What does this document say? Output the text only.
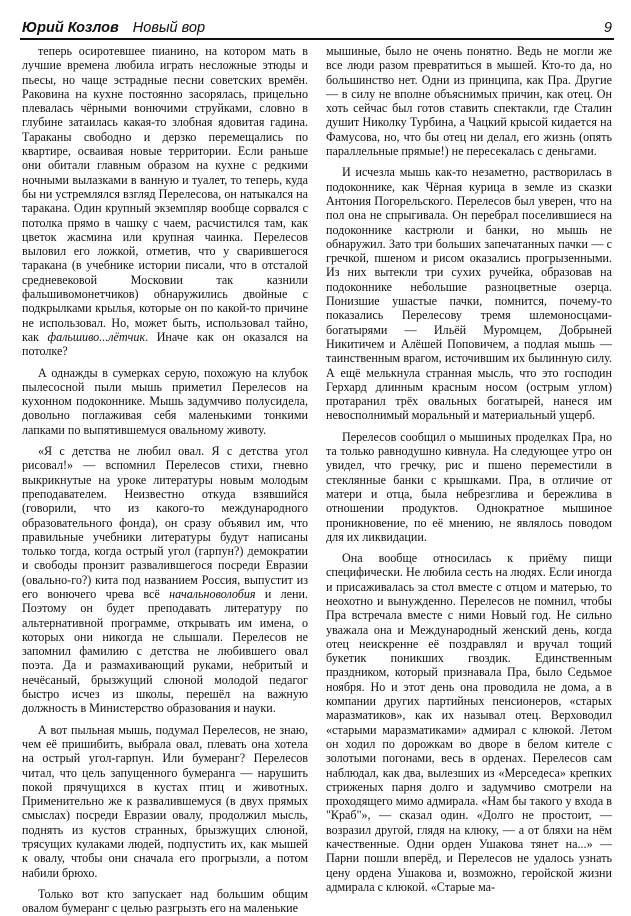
Юрий Козлов Новый вор	9

теперь осиротевшее пианино, на котором мать в лучшие времена любила играть несложные этюды и пьесы, но чаще эстрадные песни советских времён. Раковина на кухне постоянно засорялась, прицельно плевалась чёрными вонючими струйками, словно в глубине затаилась какая-то злобная ядовитая гадина. Тараканы свободно и дерзко перемещались по квартире, осваивая новые территории. Если раньше они обитали главным образом на кухне с редкими ночными вылазками в ванную и туалет, то теперь, куда бы ни устремлялся взгляд Перелесова, он натыкался на таракана. Один крупный экземпляр вообще сорвался с потолка прямо в чашку с чаем, расчистился там, как цветок жасмина или крупная чаинка. Перелесов выловил его ложкой, отметив, что у сварившегося таракана (в учебнике истории писали, что в отсталой средневековой Московии так казнили фальшивомонетчиков) обнаружились двойные с подкрылками крылья, которые он по какой-то причине не использовал. Но, может быть, использовал тайно, как фальшиво...лётчик. Иначе как он оказался на потолке?

А однажды в сумерках серую, похожую на клубок пылесосной пыли мышь приметил Перелесов на кухонном подоконнике. Мышь задумчиво полусидела, довольно поглаживая себя маленькими тонкими лапками по выпятившемуся овальному животу.

«Я с детства не любил овал. Я с детства угол рисовал!» — вспомнил Перелесов стихи, гневно выкрикнутые на уроке литературы новым молодым преподавателем. Неизвестно откуда взявшийся (говорили, что из какого-то международного образовательного фонда), он сразу объявил им, что правильные учебники литературы будут написаны только тогда, когда острый угол (гарпун?) демократии и свободы пронзит развалившегося посреди Евразии (овально-го?) кита под названием Россия, выпустит из его вонючего чрева всё начальноволобия и лени. Поэтому он будет преподавать литературу по альтернативной программе, открывать им имена, о которых они никогда не слышали. Перелесов не запомнил фамилию с детства не любившего овал поэта. Да и размахивающий руками, небритый и нечёсаный, брызжущий слюной молодой педагог быстро исчез из школы, перешёл на важную должность в Министерство образования и науки.

А вот пыльная мышь, подумал Перелесов, не знаю, чем её пришибить, выбрала овал, плевать она хотела на острый угол-гарпун. Или бумеранг? Перелесов читал, что цель запущенного бумеранга — нарушить покой прячущихся в кустах птиц и животных. Применительно же к развалившемуся (в двух прямых смыслах) посреди Евразии овалу, продолжил мысль, поднять из кустов странных, брызжущих слюной, трясущих кулаками людей, подпустить их, как мышей к овалу, чтобы они сначала его прогрызли, а потом набили брюхо.

Только вот кто запускает над большим общим овалом бумеранг с целью разгрызть его на маленькие

мышиные, было не очень понятно. Ведь не могли же все люди разом превратиться в мышей. Кто-то да, но большинство нет. Одни из принципа, как Пра. Другие — в силу не вполне объяснимых причин, как отец. Он хоть сейчас был готов ставить спектакли, где Сталин душит Николку Турбина, а Чацкий крысой кидается на Фамусова, но, что бы отец ни делал, его жизнь (опять параллельные прямые!) не пересекалась с деньгами.

И исчезла мышь как-то незаметно, растворилась в подоконнике, как Чёрная курица в земле из сказки Антония Погорельского. Перелесов был уверен, что на пол она не спрыгивала. Он перебрал поселившиеся на подоконнике кастрюли и банки, но мышь не обнаружил. Зато три больших запечатанных пачки — с гречкой, пшеном и рисом оказались прогрызенными. Из них вытекли три сухих ручейка, образовав на подоконнике небольшие разноцветные озерца. Понизшие ушастые пачки, помнится, почему-то показались Перелесову тремя шлемоносцами-богатырями — Ильёй Муромцем, Добрыней Никитичем и Алёшей Поповичем, а подлая мышь — таинственным врагом, источившим их былинную силу. А ещё мелькнула странная мысль, что это господин Герхард длинным красным носом (острым углом) протаранил трёх овальных богатырей, нанеся им невосполнимый моральный и материальный ущерб.

Перелесов сообщил о мышиных проделках Пра, но та только равнодушно кивнула. На следующее утро он увидел, что гречку, рис и пшено переместили в стеклянные банки с крышками. Пра, в отличие от матери и отца, была небрезглива и бережлива в отношении продуктов. Однократное мышиное проникновение, по её мнению, не являлось поводом для их ликвидации.

Она вообще относилась к приёму пищи специфически. Не любила сесть на людях. Если иногда и присаживалась за стол вместе с отцом и матерью, то неохотно и вынужденно. Перелесов не помнил, чтобы Пра встречала вместе с ними Новый год. Не сильно уважала она и Международный женский день, когда отец неискренне её поздравлял и вручал тощий букетик поникших гвоздик. Единственным праздником, который признавала Пра, было Седьмое ноября. Но и этот день она проводила не дома, а в компании других партийных пенсионеров, «старых маразматиков», как их называл отец. Верховодил «старыми маразматиками» адмирал с клюкой. Летом он ходил по дорожкам во дворе в белом кителе с золотыми погонами, весь в орденах. Перелесов сам наблюдал, как два, вылезших из «Мерседеса» крепких стриженых парня долго и задумчиво смотрели на проходящего мимо адмирала. «Нам бы такого у входа в "Краб"», — сказал один. «Долго не простоит, — возразил другой, глядя на клюку, — а от бляхи на нём качественные. Одни орден Ушакова тянет на...» — Парни пошли вперёд, и Перелесов не удалось узнать цену ордена Ушакова и, возможно, геройской жизни адмирала с клюкой. «Старые ма-
